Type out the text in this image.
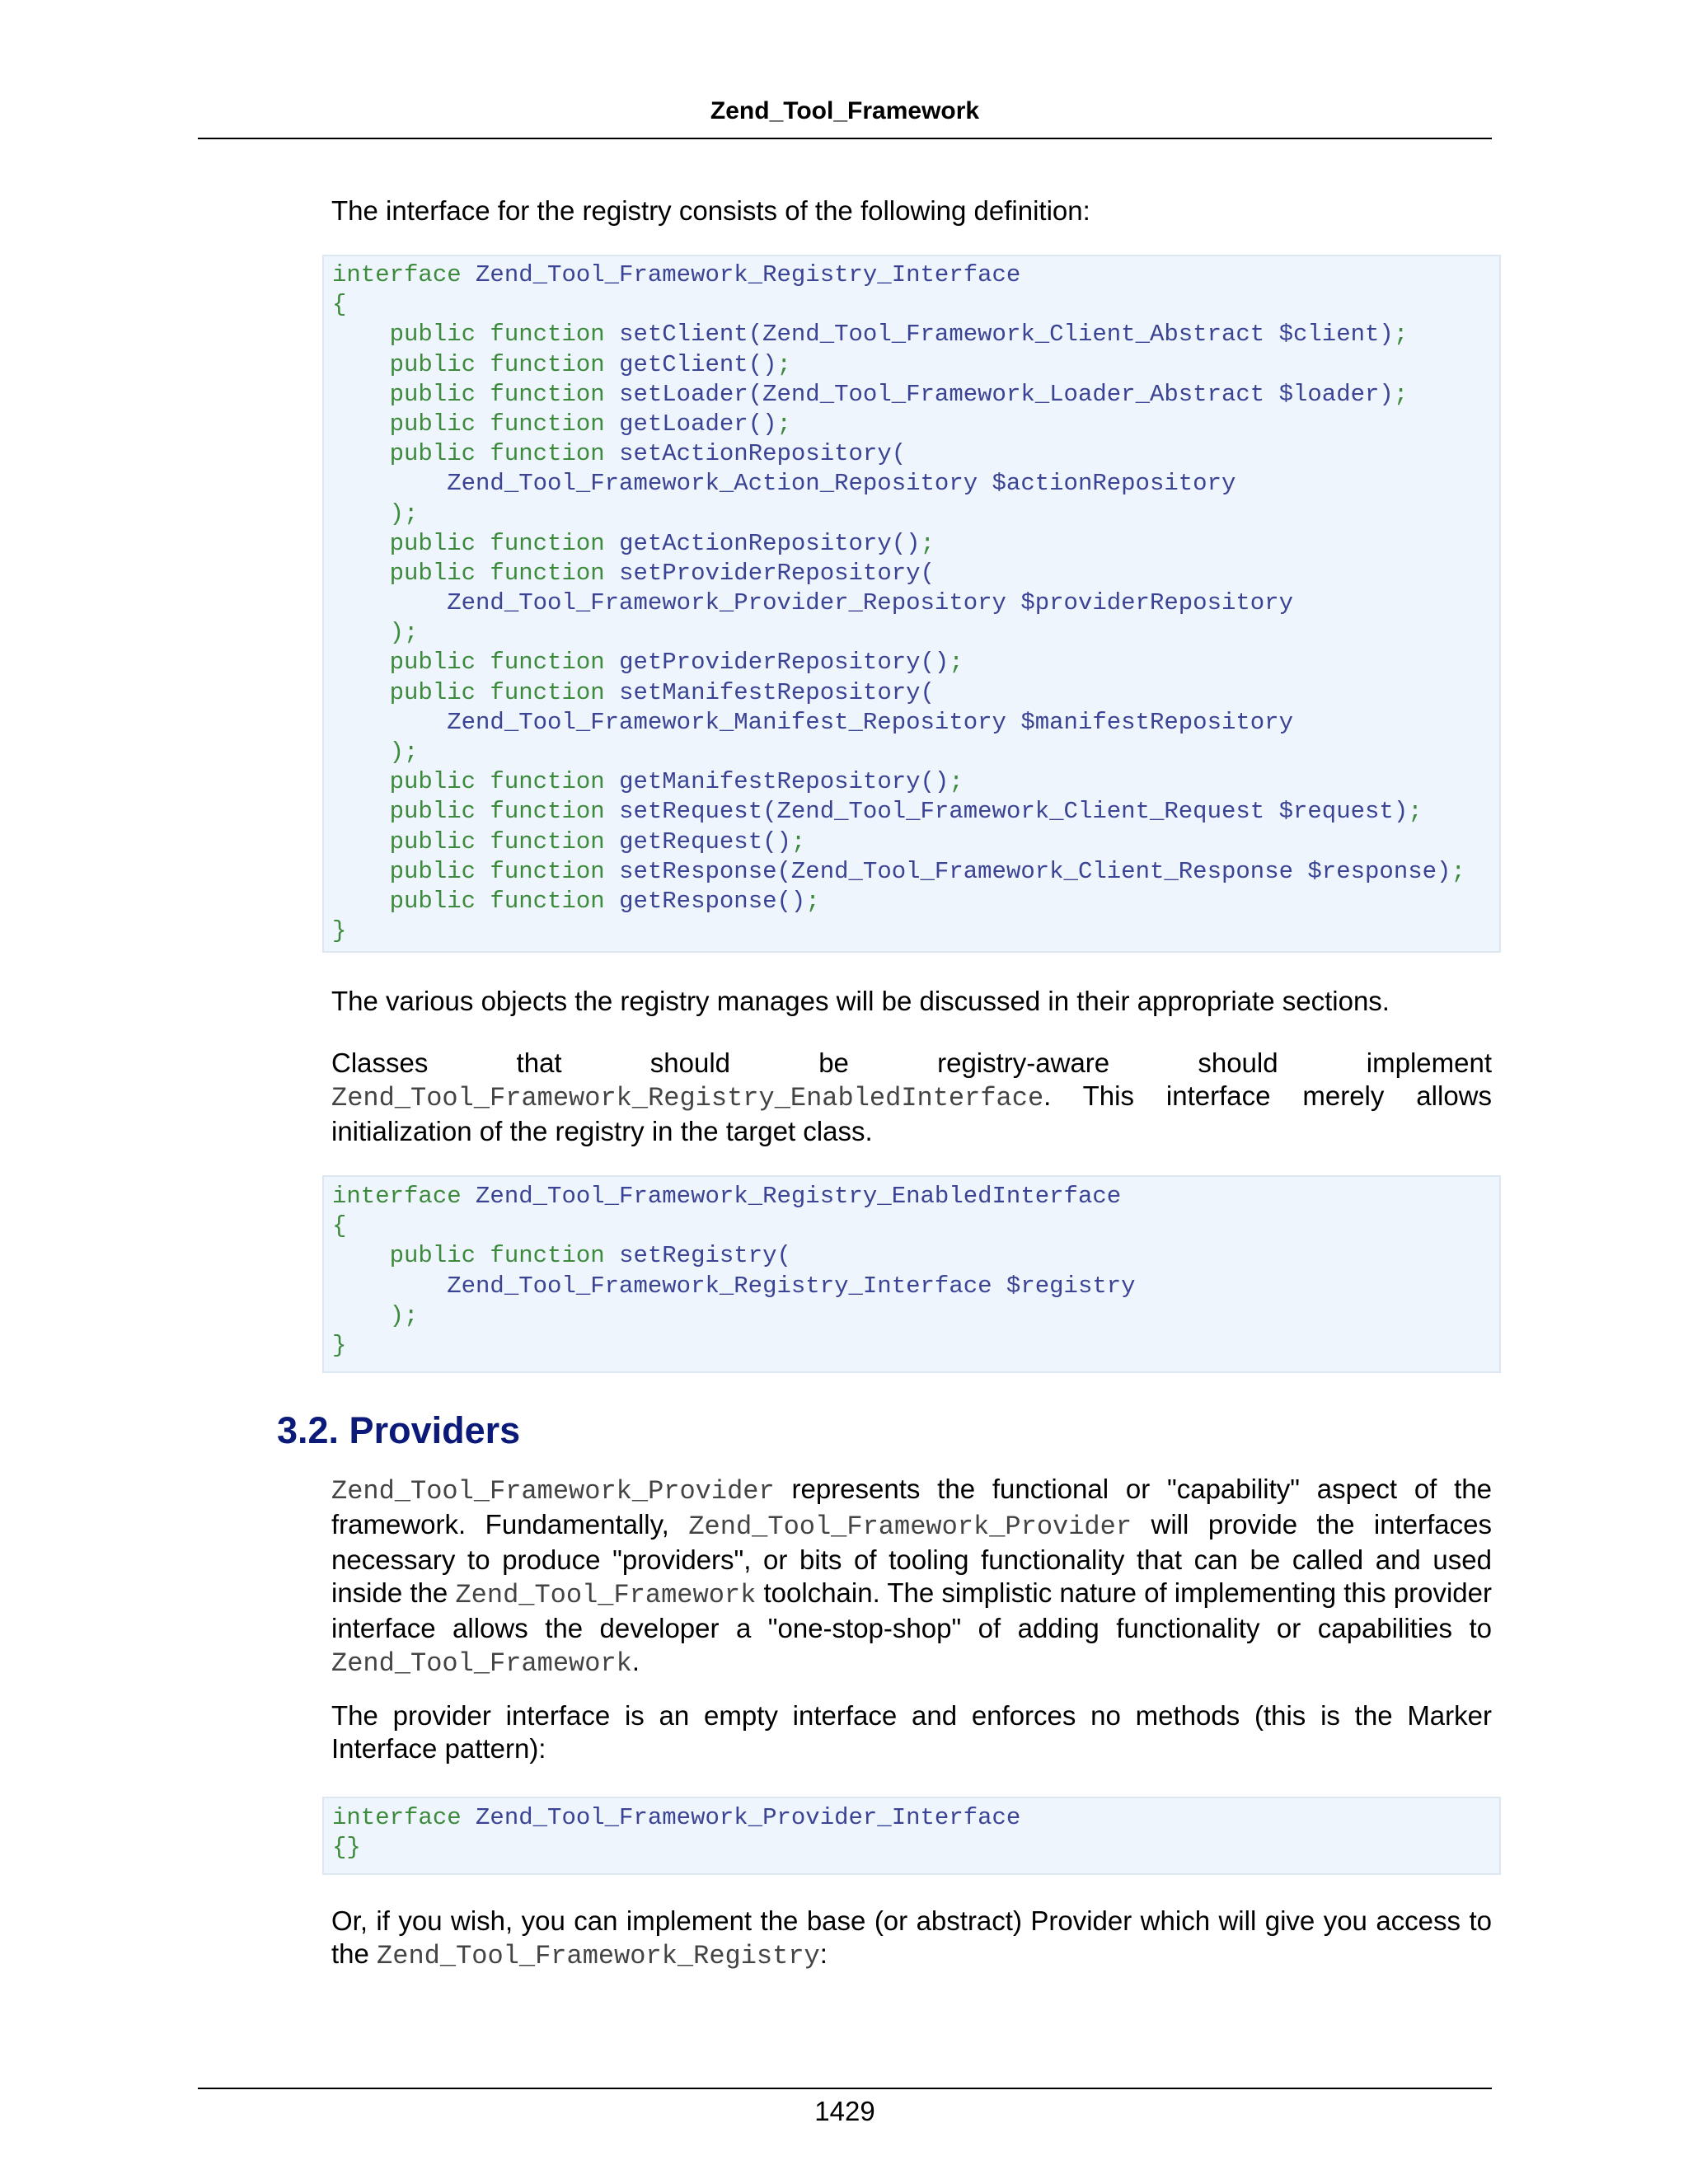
Zend_Tool_Framework

The interface for the registry consists of the following definition:

interface Zend_Tool_Framework_Registry_Interface
{
public function setClient(Zend_Tool_Framework_Client_Abstract $client);
public function getClient();
public function setLoader(Zend_Tool_Framework_Loader_Abstract $loader);
public function getLoader();
public function setActionRepository(
Zend_Tool_Framework_Action_Repository $actionRepository
);
public function getActionRepository();
public function setProviderRepository(
Zend_Tool_Framework_Provider_Repository $providerRepository
);
public function getProviderRepository();
public function setManifestRepository(
Zend_Tool_Framework_Manifest_Repository $manifestRepository
);
public function getManifestRepository();
public function setRequest(Zend_Tool_Framework_Client_Request $request);
public function getRequest();
public function setResponse(Zend_Tool_Framework_Client_Response $response);
public function getResponse();
}

The various objects the registry manages will be discussed in their appropriate sections.

Classes that should be registry-aware should implement Zend_Tool_Framework_Registry_EnabledInterface. This interface merely allows initialization of the registry in the target class.

interface Zend_Tool_Framework_Registry_EnabledInterface
{
public function setRegistry(
Zend_Tool_Framework_Registry_Interface $registry
);
}
3.2. Providers

Zend_Tool_Framework_Provider represents the functional or "capability" aspect of the framework. Fundamentally, Zend_Tool_Framework_Provider will provide the interfaces necessary to produce "providers", or bits of tooling functionality that can be called and used inside the Zend_Tool_Framework toolchain. The simplistic nature of implementing this provider interface allows the developer a "one-stop-shop" of adding functionality or capabilities to Zend_Tool_Framework.

The provider interface is an empty interface and enforces no methods (this is the Marker Interface pattern):

interface Zend_Tool_Framework_Provider_Interface
{}

Or, if you wish, you can implement the base (or abstract) Provider which will give you access to the Zend_Tool_Framework_Registry:

1429
